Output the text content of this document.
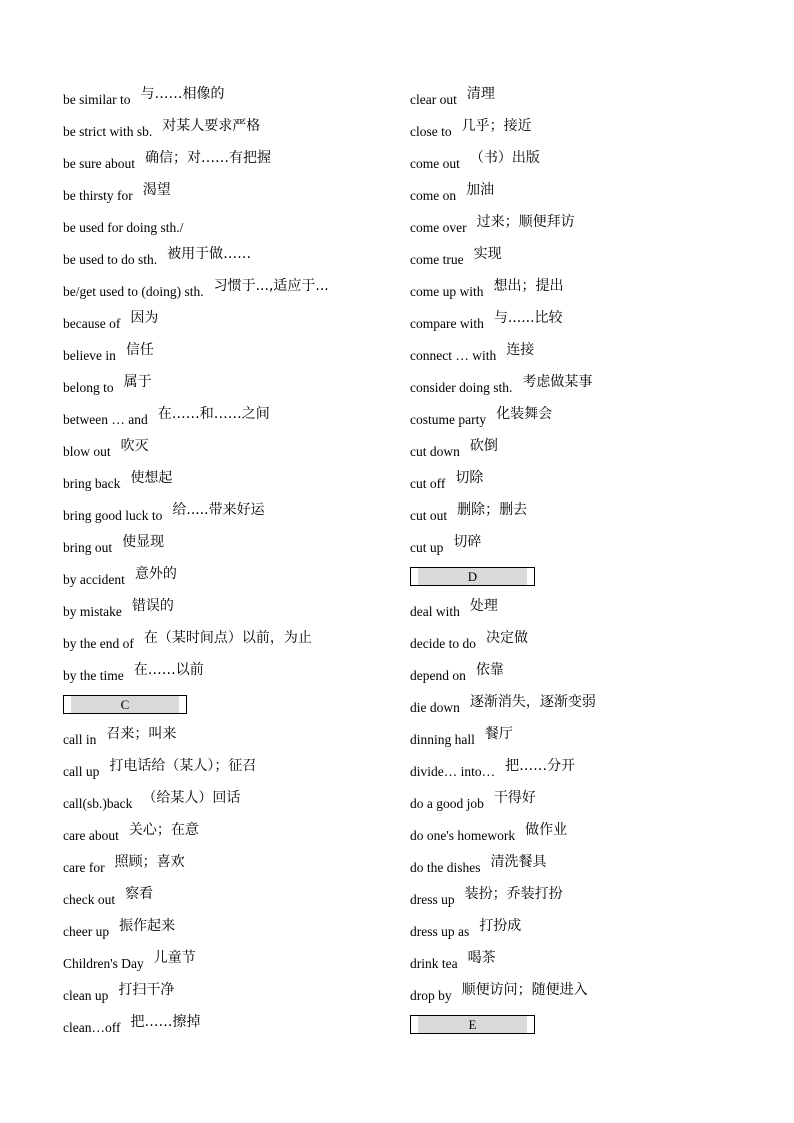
be similar to 与……相像的
be strict with sb. 对某人要求严格
be sure about 确信；对……有把握
be thirsty for 渴望
be used for doing sth./
be used to do sth. 被用于做……
be/get used to (doing) sth. 习惯于...,适应于...
because of 因为
believe in 信任
belong to 属于
between … and 在……和……之间
blow out 吹灭
bring back 使想起
bring good luck to 给.....带来好运
bring out 使显现
by accident 意外的
by mistake 错误的
by the end of 在（某时间点）以前，为止
by the time 在……以前
C
call in 召来；叫来
call up 打电话给（某人）；征召
call(sb.)back （给某人）回话
care about 关心；在意
care for 照顾；喜欢
check out 察看
cheer up 振作起来
Children's Day 儿童节
clean up 打扫干净
clean…off 把……擦掉
clear out 清理
close to 几乎；接近
come out （书）出版
come on 加油
come over 过来；顺便拜访
come true 实现
come up with 想出；提出
compare with 与......比较
connect … with 连接
consider doing sth. 考虑做某事
costume party 化装舞会
cut down 砍倒
cut off 切除
cut out 删除；删去
cut up 切碎
D
deal with 处理
decide to do 决定做
depend on 依靠
die down 逐渐消失，逐渐变弱
dinning hall 餐厅
divide… into… 把……分开
do a good job 干得好
do one's homework 做作业
do the dishes 清洗餐具
dress up 装扮；乔装打扮
dress up as 打扮成
drink tea 喝茶
drop by 顺便访问；随便进入
E
